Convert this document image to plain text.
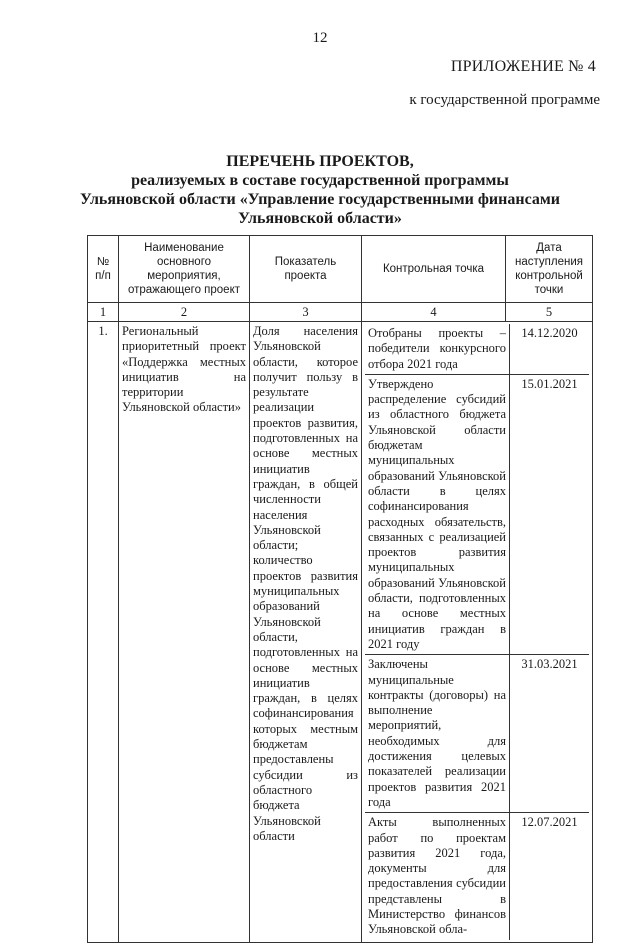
12
ПРИЛОЖЕНИЕ № 4
к государственной программе
ПЕРЕЧЕНЬ ПРОЕКТОВ,
реализуемых в составе государственной программы
Ульяновской области «Управление государственными финансами
Ульяновской области»
№ п/п	Наименование основного мероприятия, отражающего проект	Показатель проекта	Контрольная точка	Дата наступления контрольной точки
1	2	3	4	5
1.	Региональный приоритетный проект «Поддержка местных инициатив на территории Ульяновской области»	Доля населения Ульяновской области, которое получит пользу в результате реализации проектов развития, подготовленных на основе местных инициатив граждан, в общей численности населения Ульяновской области; количество проектов развития муниципальных образований Ульяновской области, подготовленных на основе местных инициатив граждан, в целях софинансирования которых местным бюджетам предоставлены субсидии из областного бюджета Ульяновской области	
Отобраны проекты – победители конкурсного отбора 2021 года	14.12.2020
Утверждено распределение субсидий из областного бюджета Ульяновской области бюджетам муниципальных образований Ульяновской области в целях софинансирования расходных обязательств, связанных с реализацией проектов развития муниципальных образований Ульяновской области, подготовленных на основе местных инициатив граждан в 2021 году	15.01.2021
Заключены муниципальные контракты (договоры) на выполнение мероприятий, необходимых для достижения целевых показателей реализации проектов развития 2021 года	31.03.2021
Акты выполненных работ по проектам развития 2021 года, документы для предоставления субсидии представлены в Министерство финансов Ульяновской обла-	12.07.2021
